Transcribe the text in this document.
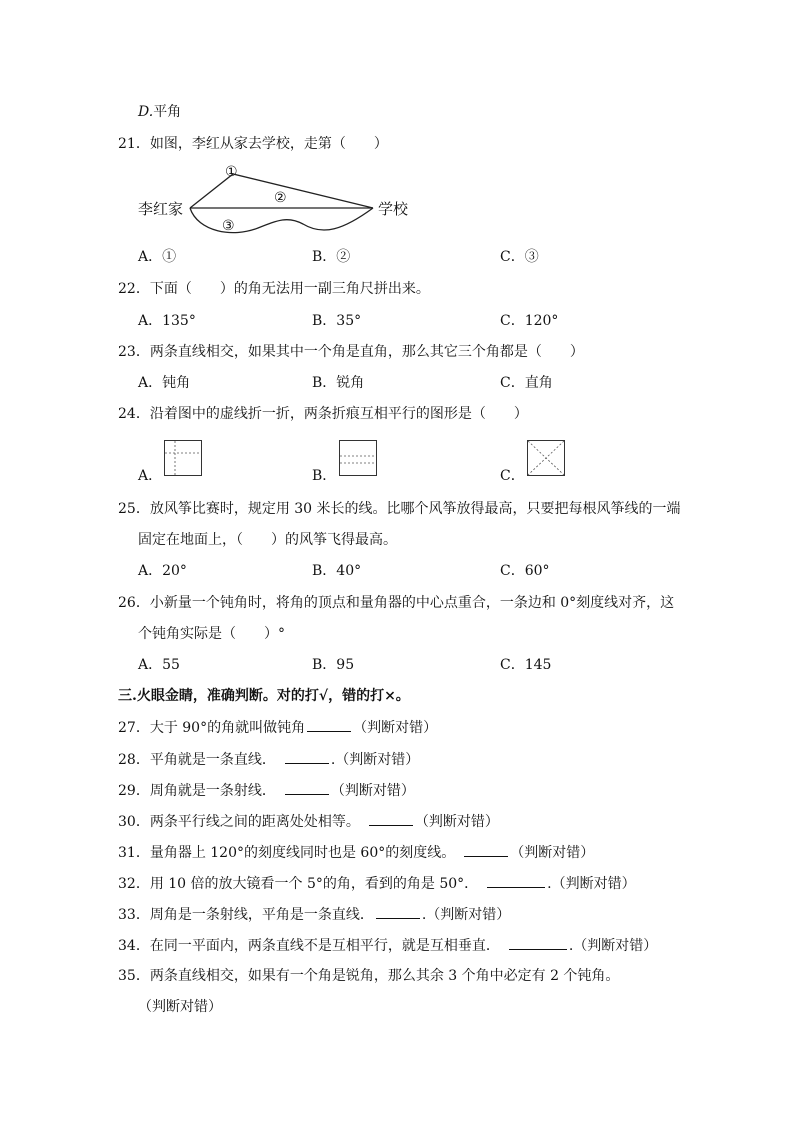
D.平角
21．如图，李红从家去学校，走第（　　）
李红家	学校
①
②
③
A．①	B．②	C．③
22．下面（　　）的角无法用一副三角尺拼出来。
A．135°	B．35°	C．120°
23．两条直线相交，如果其中一个角是直角，那么其它三个角都是（　　）
A．钝角	B．锐角	C．直角
24．沿着图中的虚线折一折，两条折痕互相平行的图形是（　　）
A．	B．	C．
25．放风筝比赛时，规定用 30 米长的线。比哪个风筝放得最高，只要把每根风筝线的一端
固定在地面上，（　　）的风筝飞得最高。
A．20°	B．40°	C．60°
26．小新量一个钝角时，将角的顶点和量角器的中心点重合，一条边和 0°刻度线对齐，这
个钝角实际是（　　）°
A．55	B．95	C．145
三.火眼金睛，准确判断。对的打√，错的打×。
27．大于 90°的角就叫做钝角	（判断对错）
28．平角就是一条直线．　	.（判断对错）
29．周角就是一条射线．　	（判断对错）
30．两条平行线之间的距离处处相等。　	（判断对错）
31．量角器上 120°的刻度线同时也是 60°的刻度线。　	（判断对错）
32．用 10 倍的放大镜看一个 5°的角，看到的角是 50°．　	.（判断对错）
33．周角是一条射线，平角是一条直线．	.（判断对错）
34．在同一平面内，两条直线不是互相平行，就是互相垂直．　	.（判断对错）
35．两条直线相交，如果有一个角是锐角，那么其余 3 个角中必定有 2 个钝角。
（判断对错）
